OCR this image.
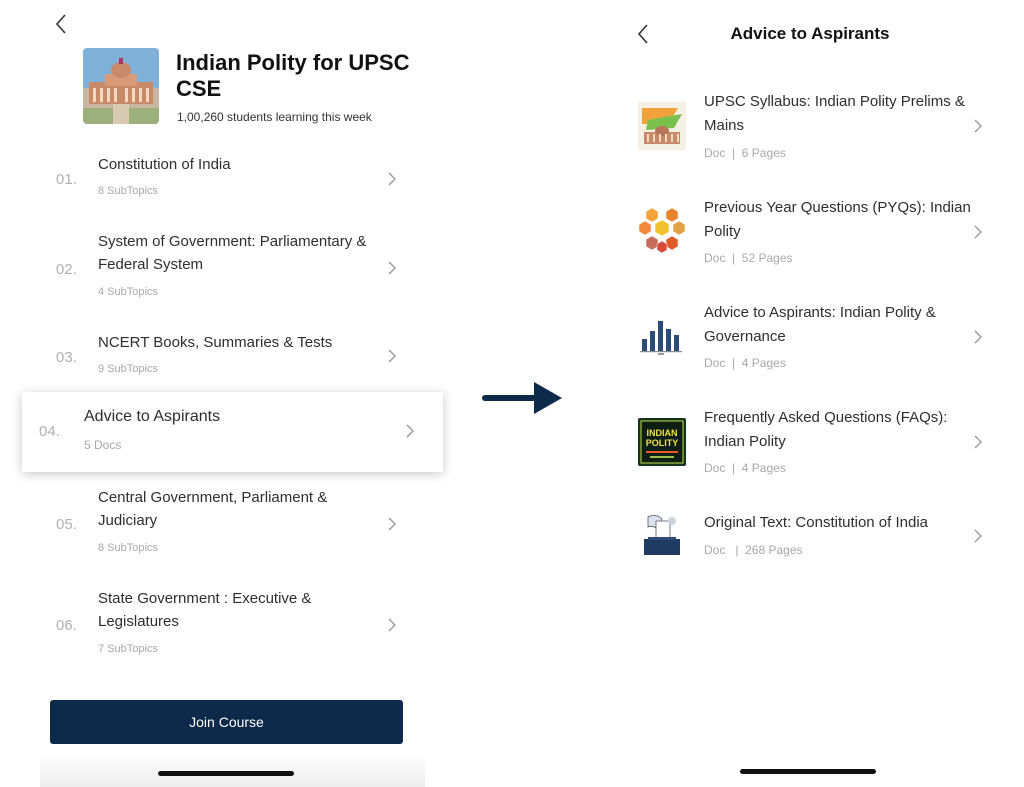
Indian Polity for UPSC CSE
1,00,260 students learning this week
01.
Constitution of India
8 SubTopics
02.
System of Government: Parliamentary & Federal System
4 SubTopics
03.
NCERT Books, Summaries & Tests
9 SubTopics
04.
Advice to Aspirants
5 Docs
05.
Central Government, Parliament & Judiciary
8 SubTopics
06.
State Government : Executive & Legislatures
7 SubTopics
Join Course
Advice to Aspirants
UPSC Syllabus: Indian Polity Prelims & Mains
Doc  |  6 Pages
Previous Year Questions (PYQs): Indian Polity
Doc  |  52 Pages
Advice to Aspirants: Indian Polity & Governance
Doc  |  4 Pages
INDIAN
POLITY
Frequently Asked Questions (FAQs): Indian Polity
Doc  |  4 Pages
Original Text: Constitution of India
Doc   |  268 Pages
